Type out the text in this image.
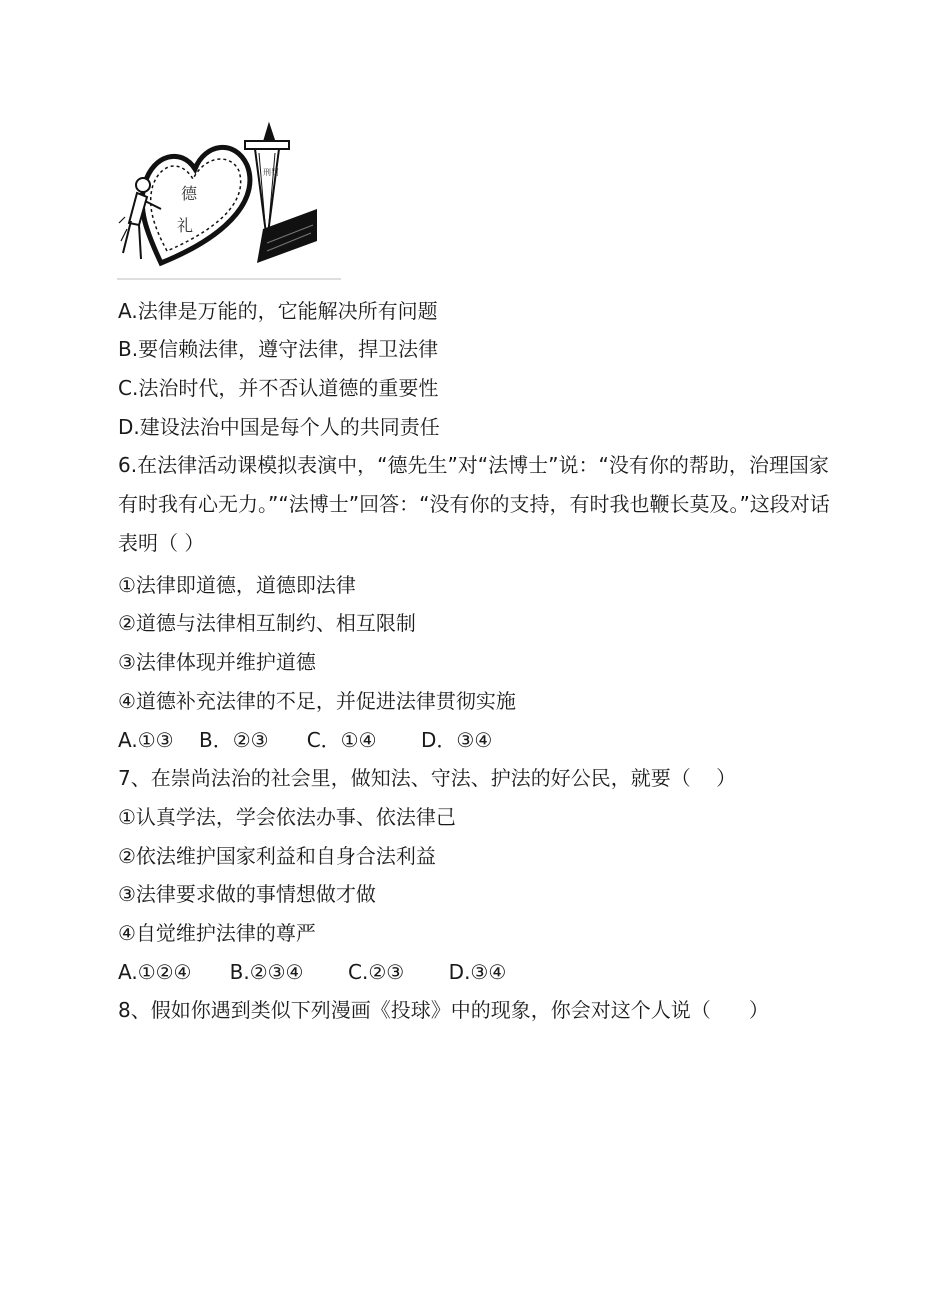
德
礼
刑罚
A.法律是万能的，它能解决所有问题
B.要信赖法律，遵守法律，捍卫法律
C.法治时代，并不否认道德的重要性
D.建设法治中国是每个人的共同责任
6.在法律活动课模拟表演中，“德先生”对“法博士”说：“没有你的帮助，治理国家有时我有心无力。”“法博士”回答：“没有你的支持，有时我也鞭长莫及。”这段对话表明（ ）
①法律即道德，道德即法律
②道德与法律相互制约、相互限制
③法律体现并维护道德
④道德补充法律的不足，并促进法律贯彻实施
A.①③    B．②③      C．①④       D．③④
7、在崇尚法治的社会里，做知法、守法、护法的好公民，就要（    ）
①认真学法，学会依法办事、依法律己
②依法维护国家利益和自身合法利益
③法律要求做的事情想做才做
④自觉维护法律的尊严
A.①②④      B.②③④       C.②③       D.③④
8、假如你遇到类似下列漫画《投球》中的现象，你会对这个人说（      ）
